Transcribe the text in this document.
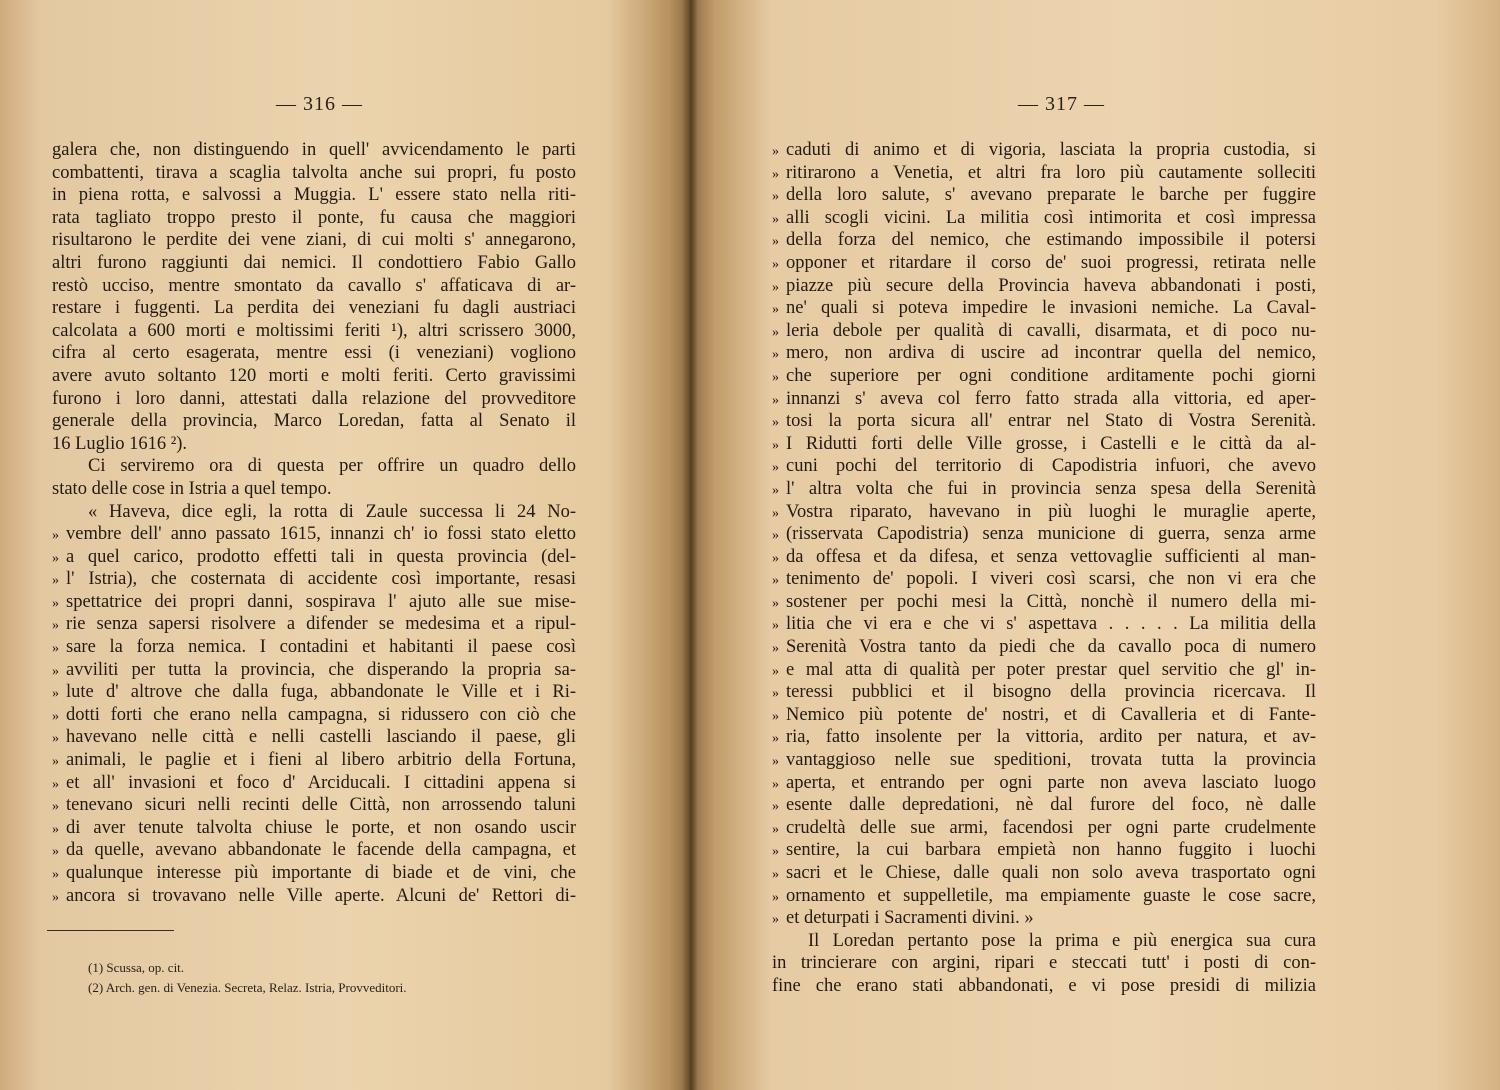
— 316 —
galera che, non distinguendo in quell' avvicendamento le parti
combattenti, tirava a scaglia talvolta anche sui propri, fu posto
in piena rotta, e salvossi a Muggia. L' essere stato nella riti-
rata tagliato troppo presto il ponte, fu causa che maggiori
risultarono le perdite dei vene ziani, di cui molti s' annegarono,
altri furono raggiunti dai nemici. Il condottiero Fabio Gallo
restò ucciso, mentre smontato da cavallo s' affaticava di ar-
restare i fuggenti. La perdita dei veneziani fu dagli austriaci
calcolata a 600 morti e moltissimi feriti ¹), altri scrissero 3000,
cifra al certo esagerata, mentre essi (i veneziani) vogliono
avere avuto soltanto 120 morti e molti feriti. Certo gravissimi
furono i loro danni, attestati dalla relazione del provveditore
generale della provincia, Marco Loredan, fatta al Senato il
16 Luglio 1616 ²).
Ci serviremo ora di questa per offrire un quadro dello
stato delle cose in Istria a quel tempo.
« Haveva, dice egli, la rotta di Zaule successa li 24 No-
» vembre dell' anno passato 1615, innanzi ch' io fossi stato eletto
» a quel carico, prodotto effetti tali in questa provincia (del-
» l' Istria), che costernata di accidente così importante, resasi
» spettatrice dei propri danni, sospirava l' ajuto alle sue mise-
» rie senza sapersi risolvere a difender se medesima et a ripul-
» sare la forza nemica. I contadini et habitanti il paese così
» avviliti per tutta la provincia, che disperando la propria sa-
» lute d' altrove che dalla fuga, abbandonate le Ville et i Ri-
» dotti forti che erano nella campagna, si ridussero con ciò che
» havevano nelle città e nelli castelli lasciando il paese, gli
» animali, le paglie et i fieni al libero arbitrio della Fortuna,
» et all' invasioni et foco d' Arciducali. I cittadini appena si
» tenevano sicuri nelli recinti delle Città, non arrossendo taluni
» di aver tenute talvolta chiuse le porte, et non osando uscir
» da quelle, avevano abbandonate le facende della campagna, et
» qualunque interesse più importante di biade et de vini, che
» ancora si trovavano nelle Ville aperte. Alcuni de' Rettori di-
(1) Scussa, op. cit.
(2) Arch. gen. di Venezia. Secreta, Relaz. Istria, Provveditori.
— 317 —
» caduti di animo et di vigoria, lasciata la propria custodia, si
» ritirarono a Venetia, et altri fra loro più cautamente solleciti
» della loro salute, s' avevano preparate le barche per fuggire
» alli scogli vicini. La militia così intimorita et così impressa
» della forza del nemico, che estimando impossibile il potersi
» opponer et ritardare il corso de' suoi progressi, retirata nelle
» piazze più secure della Provincia haveva abbandonati i posti,
» ne' quali si poteva impedire le invasioni nemiche. La Caval-
» leria debole per qualità di cavalli, disarmata, et di poco nu-
» mero, non ardiva di uscire ad incontrar quella del nemico,
» che superiore per ogni conditione arditamente pochi giorni
» innanzi s' aveva col ferro fatto strada alla vittoria, ed aper-
» tosi la porta sicura all' entrar nel Stato di Vostra Serenità.
» I Ridutti forti delle Ville grosse, i Castelli e le città da al-
» cuni pochi del territorio di Capodistria infuori, che avevo
» l' altra volta che fui in provincia senza spesa della Serenità
» Vostra riparato, havevano in più luoghi le muraglie aperte,
» (risservata Capodistria) senza municione di guerra, senza arme
» da offesa et da difesa, et senza vettovaglie sufficienti al man-
» tenimento de' popoli. I viveri così scarsi, che non vi era che
» sostener per pochi mesi la Città, nonchè il numero della mi-
» litia che vi era e che vi s' aspettava . . . . . La militia della
» Serenità Vostra tanto da piedi che da cavallo poca di numero
» e mal atta di qualità per poter prestar quel servitio che gl' in-
» teressi pubblici et il bisogno della provincia ricercava. Il
» Nemico più potente de' nostri, et di Cavalleria et di Fante-
» ria, fatto insolente per la vittoria, ardito per natura, et av-
» vantaggioso nelle sue speditioni, trovata tutta la provincia
» aperta, et entrando per ogni parte non aveva lasciato luogo
» esente dalle depredationi, nè dal furore del foco, nè dalle
» crudeltà delle sue armi, facendosi per ogni parte crudelmente
» sentire, la cui barbara empietà non hanno fuggito i luochi
» sacri et le Chiese, dalle quali non solo aveva trasportato ogni
» ornamento et suppelletile, ma empiamente guaste le cose sacre,
» et deturpati i Sacramenti divini. »
Il Loredan pertanto pose la prima e più energica sua cura
in trincierare con argini, ripari e steccati tutt' i posti di con-
fine che erano stati abbandonati, e vi pose presidi di milizia
